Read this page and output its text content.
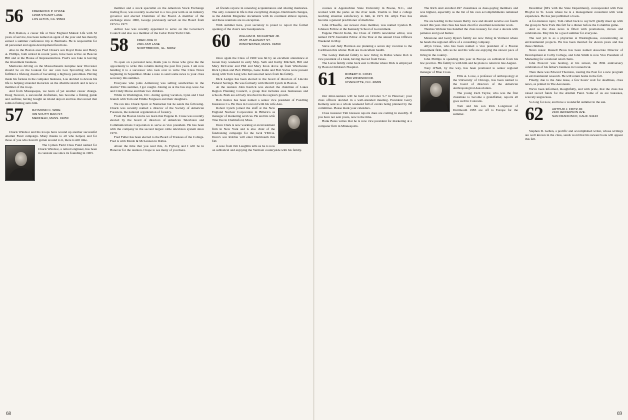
56	FREDERICK P. CHASE
11508 STUART LANE
LOS ALTOS, CA. 95604

Bob Damon, a career life at New England Mutual Life with 32 years of service, has been named an agent of the year and has thereby earned a summer conference trip to Bermuda. He is responsible for all personnel and agent-development functions.

Also in the Boston area Fred Chase's son Royal Dana and Henry A. Phillips, both retired in recent years, have been active on Beacon Hill and at the House of Representatives. Fred's son Jake is leaving the investment business.

Memories driving on the Massachusetts turnpike near Worcester should be on the lookout for our own Lou Sprowling who has fulfilled a lifelong dream of becoming a highway patrolman. Having made his fortune in the computer business, Lou decided to devote his life to helping stranded motorists on the 46-mile stretch and is now a member of the troop.

And from Massapequa, we learn of yet another career change. Doug Stewart, a successful draftsman, has become a fishing guide and outfitter, having bought an island airport and has discovered that salmon fishing suits him.

57	RAYMOND C. WIRE
309 SOUTH MAIN ST.
MEDFIELD, MASS. 01050

Chuck Windsor and his troops have wound up another successful Alumni Fund campaign. Many thanks to all who helped, and for those of you who haven't gotten around to it, there is still time.

The Lyman Field Class Fund named for Chuck Windsor, a retired engineer, has been in constant use since its founding in 1963.

member and a stock specialist on the American Stock Exchange trading floor, was recently re-elected to a two-year term as an industry governor and elected Chairman of the Board. A member of the exchange since 1960, George previously served on the Board from 1972 to 1977.

Arthur Lee was recently appointed to serve on the Governor's Council and also as a member of the Cedar Point Yacht Club.

58	FRED JOIE III
2301 ASH LANE
NORTHBROOK, ILL. 60062

To open on a personal note, thank you to those who gave me the opportunity to write this column during the past five years. I am now handing it to a successor who took over to write The Class Notes beginning in September. Make a note to send some news to your class secretary this summer.

Everyone who joins Armstrong was selling sandwiches in the dorms? This summer, I got caught. Joining us at the bus stop were Joe and Cindy Morse and their two children.

While in Washington, D.C. during spring vacation, Lynn and I had brunch with Tom and Emilie Ferguson and their daughters.

We ran into Chuck Spurr at Nantucket but he sends the following. Chuck was recently named a director of the Society of American Foresters, the national organization of forestry.

From the Boston Globe we learn that Eugene R. Cruse was recently elected by the board of directors of American Television and Communications Corporation to serve as vice president. He has been with the company in the second largest cable television system since 1970.

Fred Fuller has been elected to the Board of Trustees of the College. Fred is with Marsh & McLennan in Dallas.

About the time that you read this, Jo Fryberg and I will be in Hanover for the reunion. I hope to see many of you there.

ed friends rejoice in renewing acquaintances and sharing memories. The only constant in life is that everything changes. Dartmouth changes, as the Alumni Magazine documents with its continual almost rapture, and these reunions are no exception.

With summer here, your secretary is proud to report the formal opening of the class's new headquarters.

60	WILLIAM M. MCCARTER JR.
35 MT. PLEASANT ST.
WINCHESTER, MASS. 01890

Once again the Class of 1960 was hit by an excellent attendance at Green Key weekend in early May. Seth and Kathy Mitchell, Bill and Mary McCarter and Phil and Mary Kron drove up from Winchester. Rick Lyman and Bob Phillips, Gene Kohn and Bob Swiss were present along with Tom Lang who had assorted news from his family.

Dick Ledges has been elected to the board of directors of Lincoln Federal Savings. He was formerly with Merrill Lynch in Boston.

At the reunion John Kerrick was elected the chairman of Lakes Region Planning Council, a group that includes area businesses and schools. Both are actively involved in the region's growth.

Bob Justice has been named a senior vice president of Fondling Insurance Co. He lives in Concord with his wife Ann.

Robert Lynch joined the staff at the New England Nuclear Corporation in Billerica as manager of marketing services. He and his wife Tina live in Chelmsford, Mass.

Dave Clark is now working at an investment firm in New York and is also chair of the fundraising campaign for the local YMCA. Dave's son Robbie will enter Dartmouth this fall.

A note from Jim Laughlin tells us he is now on sabbatical and enjoying the Vermont countryside with his family.

courses at Appalachian State University in Boone, N.C., and worked with the parks on the river team. Unable to find a college teaching situation satisfactory to him, in 1971 Dr. Allyn Fore has become a general practitioner of medicine.

John O'Keeffe, our newest class member, was named Lyndon B. Johnson Fellow at the Kennedy School of Government.

Eugene Harold Kohn, the Class of 1960's newsletter editor, was named 1979 Journalist Editor of the Year at the annual Class Officers Weekend in May.

Steve and Judy Harrison are planning a seven day vacation to the Caribbean this winter. Both are in excellent health.

The Lesley Rutland family is now living in Dallas where Rob is vice president of a bank, having moved from Texas.

The Lucas family came back east to Maine where Dick is employed by Boston Children's Hospital.

61	ROBERT D. CONN
2500 WINDSOR DR.
CHARLOTTE, N.C. 28209

Our mini-reunion will be held on October 5-7 in Hanover; your class officers decided in a well-attended meeting. President Garry Kemeny sent us a whole weekend full of events being planned by the committee. Please mark your calendars.

Class treasurer Tim Gleason reports dues are coming in steadily. If you have not sent yours, now is the time.

Hank Bates writes that he is now vice president for marketing at a computer firm in Minneapolis.

The Rich And enrolled 497 classmates as dues-paying members and was highest, especially as the list of his own accomplishments remained silent.

We are leading in the Green Derby race and should receive our fourth award this year. Our class has been cited for excellent newsletter work.

Thomas Webster has handled the class treasury for over a decade with patience and good humor.

Maxstone and Gerry Ryan's family are now living in Vermont where he heads the regional office of a consulting company.

Allyn Cruse, who has been named a vice president of a Boston investment firm, tells us he and his wife are enjoying the slower pace of living in the country.

John Phillips is spending this year in Europe on sabbatical from his law practice. His family is with him and he plans to return in late August.

Tony O'Neil, by the way, has been promoted to senior regional manager of Blue Cross.

Ellis A. Lowe, a professor of anthropology at the University of Chicago, has been named to the board of directors of the American Anthropological Association.

The young Zach Taylor, who was the first classmate to become a grandfather, reports all goes well in Colorado.

Tom and his son Rick Longstreet of Dartmouth 1983 are off to Europe for the summer.

December (66's with the State Department), corresponded with Pete Bloylar in St. Louis where he is a management consultant with wide experience. He has just published a book.

A for-instance topic, Tom called back to say he'll gladly meet up with the group in New York this fall for a dinner before the Columbia game.

And so the class news is filled with promotions, moves and celebrations. May this be a good summer for everyone.

The real job is as a physician at Westinghouse, concentrating on environmental projects. He has been married for eleven years and has three children.

News notes: Russell Bross has been named Associate Director of Development at Colby College, and John Smith is now Vice President of Marketing for a national retail chain.

John Prescott was hosting, at his retreat, the 80th anniversary celebration of his father's business in Connecticut.

Then there was Edward Thornton, touring the East for a new program on environmental research. He will return home in the fall.

Finally, due to the June issue, a few hours' wait for deadlines, class news, as printed in The Aeronauts.

We've been informed, thoughtfully, and with pride, that the class has raised record funds for the Alumni Fund. Some of us are laureates, scarcely ungracious.

So long for now, and have a wonderful summer in the sun.

62	ARTHUR J. FRITZ JR.
2100 JEFFERSON AVE.
SAN FRANCISCO, CALIF. 94123

Stephen D. Gellen, a prolific and accomplished writer, whose writings are well known in the class, sends word that his newest book will appear this fall.

68	69
